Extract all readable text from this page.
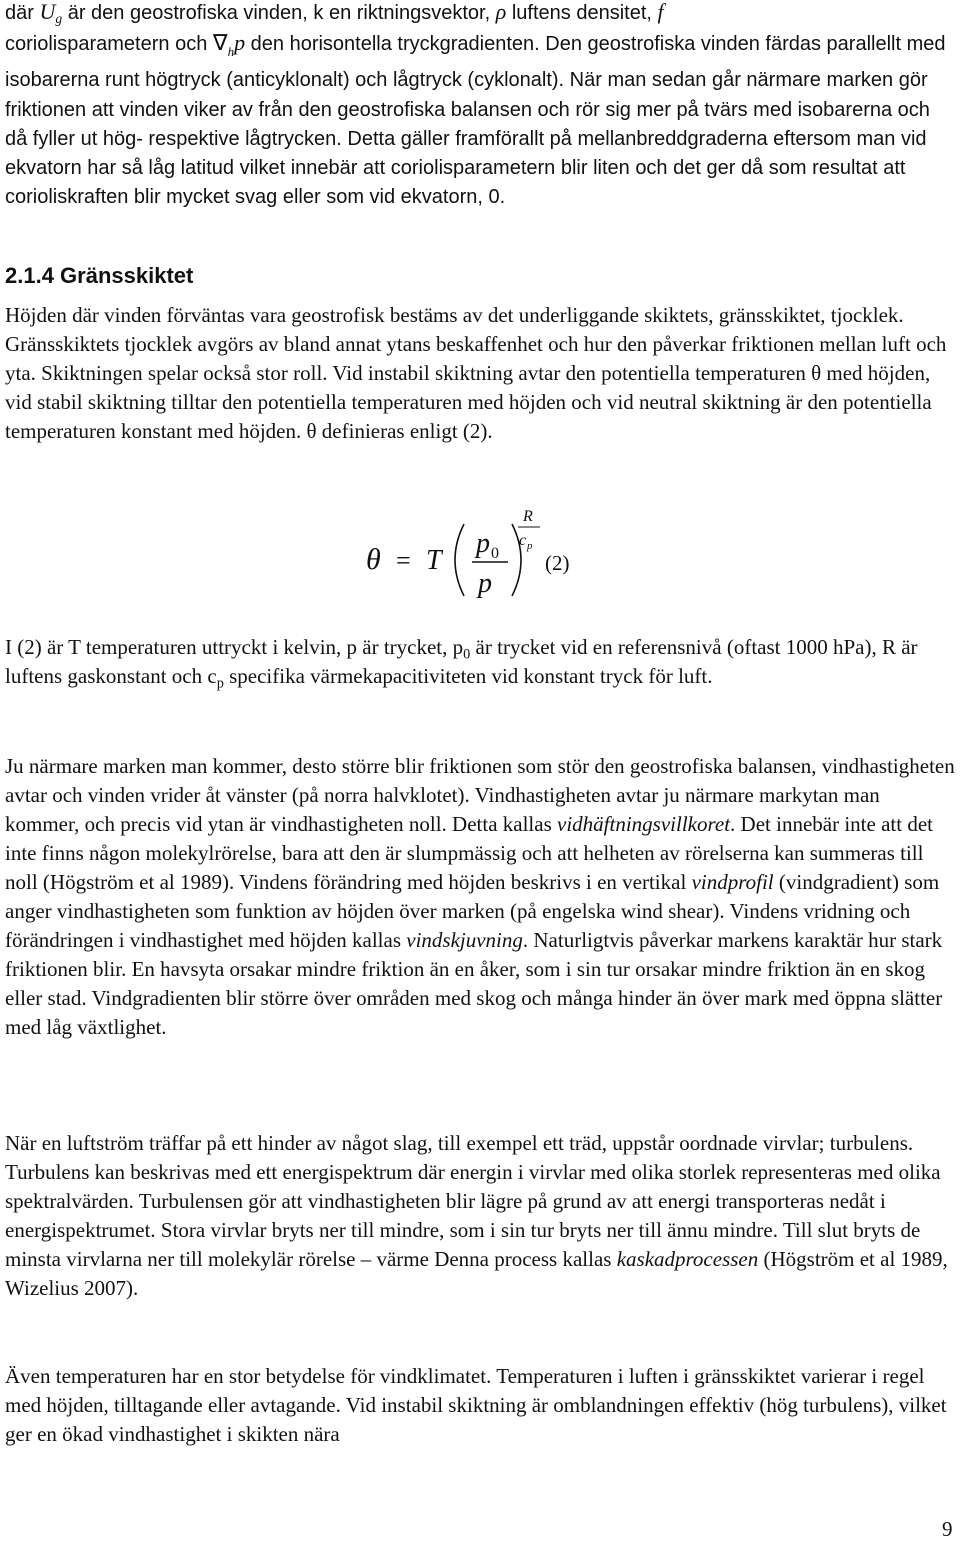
där $U_g$ är den geostrofiska vinden, k en riktningsvektor, ρ luftens densitet, f
coriolisparametern och $\nabla_hp$ den horisontella tryckgradienten. Den geostrofiska vinden färdas parallellt med isobarerna runt högtryck (anticyklonalt) och lågtryck (cyklonalt). När man sedan går närmare marken gör friktionen att vinden viker av från den geostrofiska balansen och rör sig mer på tvärs med isobarerna och då fyller ut hög- respektive lågtrycken. Detta gäller framförallt på mellanbreddgraderna eftersom man vid ekvatorn har så låg latitud vilket innebär att coriolisparametern blir liten och det ger då som resultat att corioliskraften blir mycket svag eller som vid ekvatorn, 0.

2.1.4 Gränsskiktet

Höjden där vinden förväntas vara geostrofisk bestäms av det underliggande skiktets, gränsskiktet, tjocklek. Gränsskiktets tjocklek avgörs av bland annat ytans beskaffenhet och hur den påverkar friktionen mellan luft och yta. Skiktningen spelar också stor roll. Vid instabil skiktning avtar den potentiella temperaturen θ med höjden, vid stabil skiktning tilltar den potentiella temperaturen med höjden och vid neutral skiktning är den potentiella temperaturen konstant med höjden. θ definieras enligt (2).

θ = T
p 0
p
R
c p
(2)

I (2) är T temperaturen uttryckt i kelvin, p är trycket, $p_0$ är trycket vid en referensnivå (oftast 1000 hPa), R är luftens gaskonstant och $c_p$ specifika värmekapacitiviteten vid konstant tryck för luft.

Ju närmare marken man kommer, desto större blir friktionen som stör den geostrofiska balansen, vindhastigheten avtar och vinden vrider åt vänster (på norra halvklotet). Vindhastigheten avtar ju närmare markytan man kommer, och precis vid ytan är vindhastigheten noll. Detta kallas vidhäftningsvillkoret. Det innebär inte att det inte finns någon molekylrörelse, bara att den är slumpmässig och att helheten av rörelserna kan summeras till noll (Högström et al 1989). Vindens förändring med höjden beskrivs i en vertikal vindprofil (vindgradient) som anger vindhastigheten som funktion av höjden över marken (på engelska wind shear). Vindens vridning och förändringen i vindhastighet med höjden kallas vindskjuvning. Naturligtvis påverkar markens karaktär hur stark friktionen blir. En havsyta orsakar mindre friktion än en åker, som i sin tur orsakar mindre friktion än en skog eller stad. Vindgradienten blir större över områden med skog och många hinder än över mark med öppna slätter med låg växtlighet.

När en luftström träffar på ett hinder av något slag, till exempel ett träd, uppstår oordnade virvlar; turbulens. Turbulens kan beskrivas med ett energispektrum där energin i virvlar med olika storlek representeras med olika spektralvärden. Turbulensen gör att vindhastigheten blir lägre på grund av att energi transporteras nedåt i energispektrumet. Stora virvlar bryts ner till mindre, som i sin tur bryts ner till ännu mindre. Till slut bryts de minsta virvlarna ner till molekylär rörelse – värme Denna process kallas kaskadprocessen (Högström et al 1989, Wizelius 2007).

Även temperaturen har en stor betydelse för vindklimatet. Temperaturen i luften i gränsskiktet varierar i regel med höjden, tilltagande eller avtagande. Vid instabil skiktning är omblandningen effektiv (hög turbulens), vilket ger en ökad vindhastighet i skikten nära

9
